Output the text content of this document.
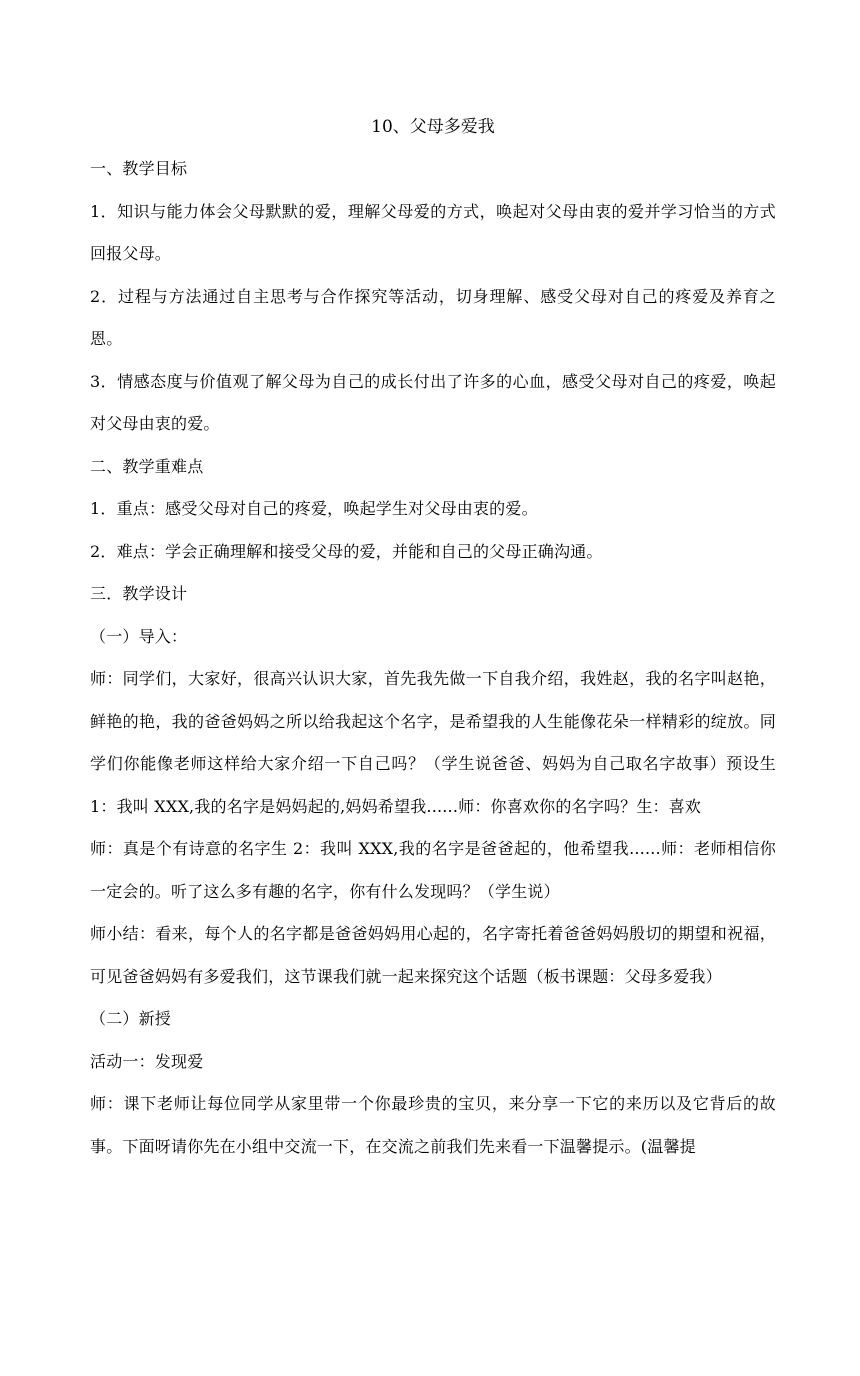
10、父母多爱我

一、教学目标

1．知识与能力体会父母默默的爱，理解父母爱的方式，唤起对父母由衷的爱并学习恰当的方式回报父母。

2．过程与方法通过自主思考与合作探究等活动，切身理解、感受父母对自己的疼爱及养育之恩。

3．情感态度与价值观了解父母为自己的成长付出了许多的心血，感受父母对自己的疼爱，唤起对父母由衷的爱。

二、教学重难点

1．重点：感受父母对自己的疼爱，唤起学生对父母由衷的爱。

2．难点：学会正确理解和接受父母的爱，并能和自己的父母正确沟通。

三．教学设计

（一）导入：

师：同学们，大家好，很高兴认识大家，首先我先做一下自我介绍，我姓赵，我的名字叫赵艳，鲜艳的艳，我的爸爸妈妈之所以给我起这个名字，是希望我的人生能像花朵一样精彩的绽放。同学们你能像老师这样给大家介绍一下自己吗？（学生说爸爸、妈妈为自己取名字故事）预设生 1：我叫 XXX,我的名字是妈妈起的,妈妈希望我......师：你喜欢你的名字吗？生：喜欢

师：真是个有诗意的名字生 2：我叫 XXX,我的名字是爸爸起的，他希望我......师：老师相信你一定会的。听了这么多有趣的名字，你有什么发现吗？（学生说）

师小结：看来，每个人的名字都是爸爸妈妈用心起的，名字寄托着爸爸妈妈殷切的期望和祝福，可见爸爸妈妈有多爱我们，这节课我们就一起来探究这个话题（板书课题：父母多爱我）

（二）新授

活动一：发现爱

师：课下老师让每位同学从家里带一个你最珍贵的宝贝，来分享一下它的来历以及它背后的故事。下面呀请你先在小组中交流一下，在交流之前我们先来看一下温馨提示。(温馨提
